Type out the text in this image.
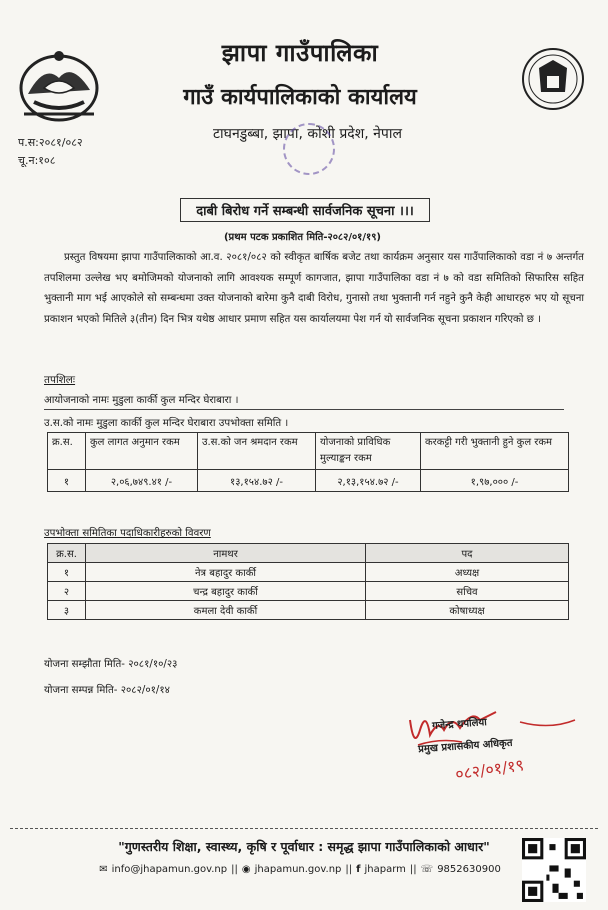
झापा गाउँपालिका
गाउँ कार्यपालिकाको कार्यालय
टाघनडुब्बा, झापा, कोशी प्रदेश, नेपाल
प.स:२०८१/०८२
चू.न:१०८
दाबी बिरोध गर्ने सम्बन्धी सार्वजनिक सूचना ।।।
(प्रथम पटक प्रकाशित मिति-२०८२/०१/१९)

प्रस्तुत विषयमा झापा गाउँपालिकाको आ.व. २०८१/०८२ को स्वीकृत बार्षिक बजेट तथा कार्यक्रम अनुसार यस गाउँपालिकाको वडा नं ७ अन्तर्गत तपशिलमा उल्लेख भए बमोजिमको योजनाको लागि आवश्यक सम्पूर्ण कागजात, झापा गाउँपालिका वडा नं ७ को वडा समितिको सिफारिस सहित भुक्तानी माग भई आएकोले सो सम्बन्धमा उक्त योजनाको बारेमा कुनै दाबी विरोध, गुनासो तथा भुक्तानी गर्न नहुने कुनै केही आधारहरु भए यो सूचना प्रकाशन भएको मितिले ३(तीन) दिन भित्र यथेष्ठ आधार प्रमाण सहित यस कार्यालयमा पेश गर्न यो सार्वजनिक सूचना प्रकाशन गरिएको छ ।

तपशिलः
आयोजनाको नामः मुडुला कार्की कुल मन्दिर घेराबारा ।
उ.स.को नामः मुडुला कार्की कुल मन्दिर घेराबारा उपभोक्ता समिति ।
क्र.स.	कुल लागत अनुमान रकम	उ.स.को जन श्रमदान रकम	योजनाको प्राविधिक मुल्याङ्कन रकम	करकट्टी गरी भुक्तानी हुने कुल रकम
१	२,०६,७४९.४१ /-	१३,१५४.७२ /-	२,१३,१५४.७२ /-	१,९७,००० /-
उपभोक्ता समितिका पदाधिकारीहरुको विवरण
क्र.स.	नामथर	पद
१	नेत्र बहादुर कार्की	अध्यक्ष
२	चन्द्र बहादुर कार्की	सचिव
३	कमला देवी कार्की	कोषाध्यक्ष
योजना सम्झौता मिति- २०८१/१०/२३
योजना सम्पन्न मिति- २०८२/०१/१४
गजेन्द्र थपलिया
प्रमुख प्रशासकीय अधिकृत
०८२/०१/१९
"गुणस्तरीय शिक्षा, स्वास्थ्य, कृषि र पूर्वाधार : समृद्ध झापा गाउँपालिकाको आधार"
✉ info@jhapamun.gov.np || ◉ jhapamun.gov.np || f jhaparm || ☏ 9852630900
